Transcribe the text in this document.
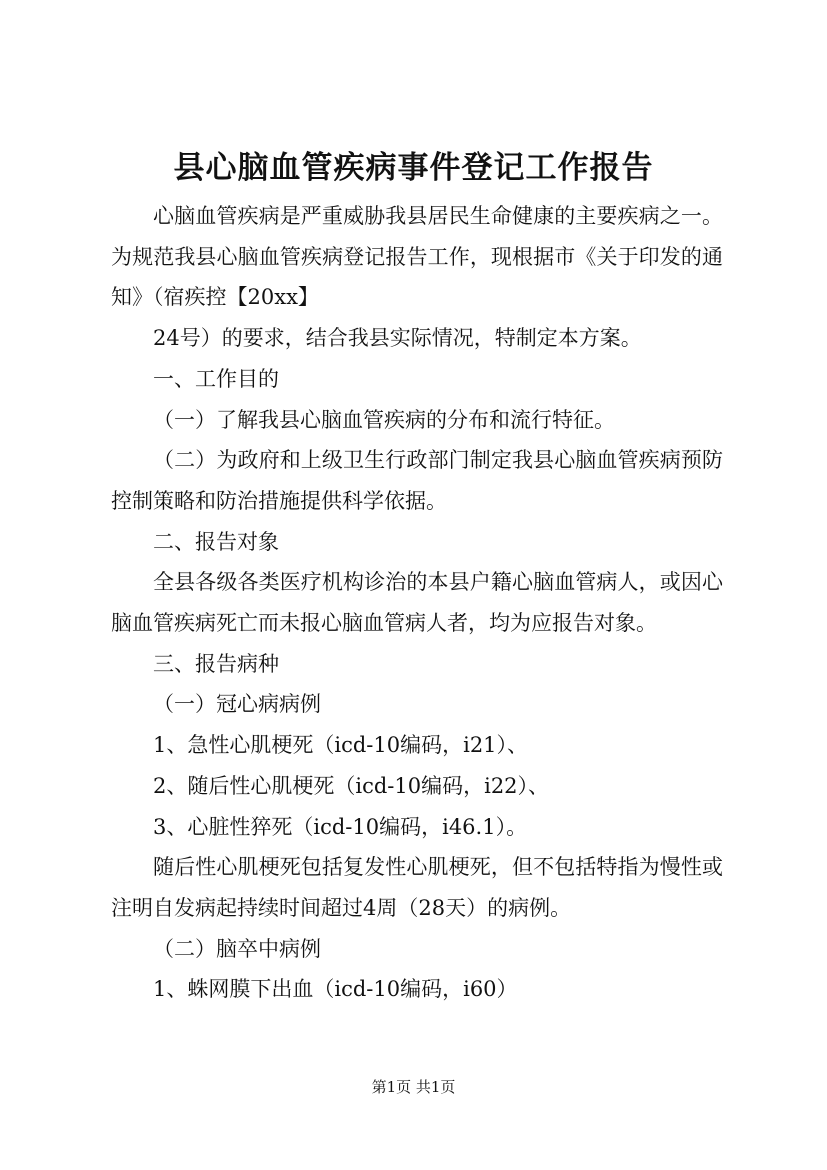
县心脑血管疾病事件登记工作报告

心脑血管疾病是严重威胁我县居民生命健康的主要疾病之一。为规范我县心脑血管疾病登记报告工作，现根据市《关于印发的通知》（宿疾控【20xx】

24号）的要求，结合我县实际情况，特制定本方案。

一、工作目的

（一）了解我县心脑血管疾病的分布和流行特征。

（二）为政府和上级卫生行政部门制定我县心脑血管疾病预防控制策略和防治措施提供科学依据。

二、报告对象

全县各级各类医疗机构诊治的本县户籍心脑血管病人，或因心脑血管疾病死亡而未报心脑血管病人者，均为应报告对象。

三、报告病种

（一）冠心病病例

1、急性心肌梗死（icd-10编码，i21）、

2、随后性心肌梗死（icd-10编码，i22）、

3、心脏性猝死（icd-10编码，i46.1）。

随后性心肌梗死包括复发性心肌梗死，但不包括特指为慢性或注明自发病起持续时间超过4周（28天）的病例。

（二）脑卒中病例

1、蛛网膜下出血（icd-10编码，i60）

第1页 共1页
